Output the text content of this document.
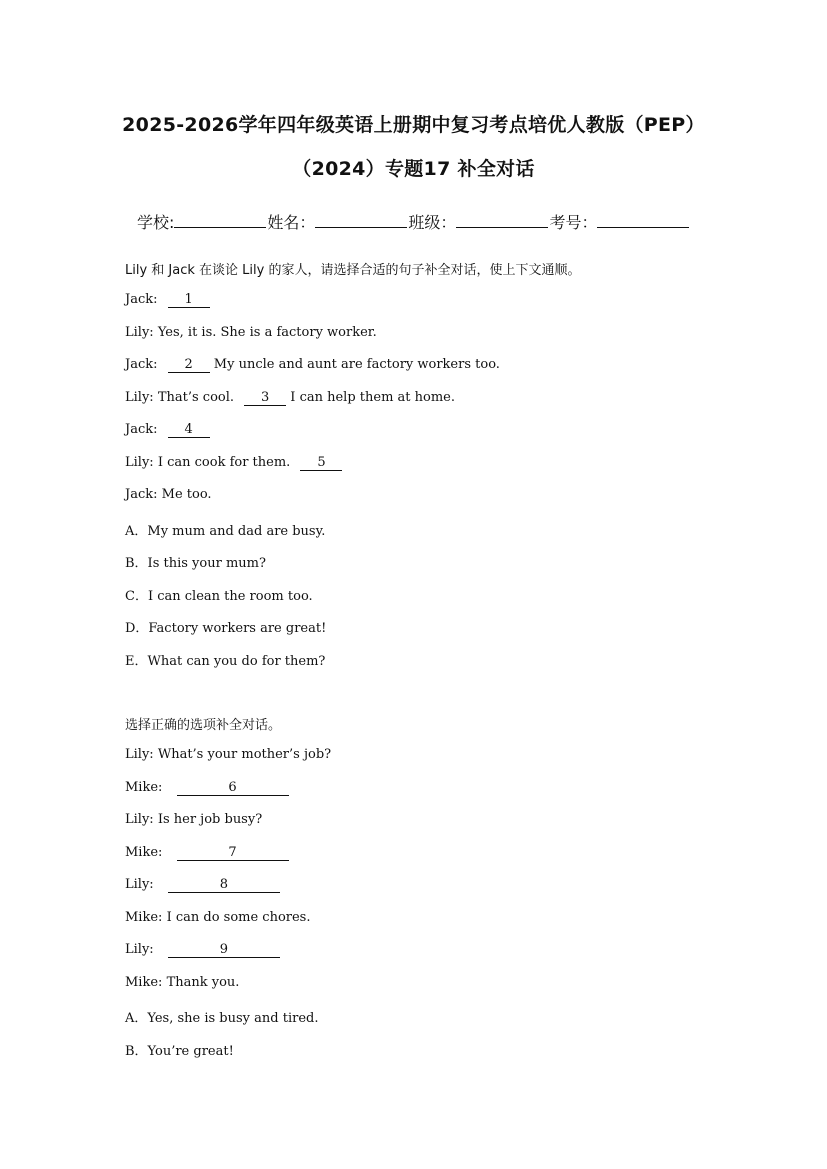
2025-2026学年四年级英语上册期中复习考点培优人教版（PEP）
（2024）专题17 补全对话
学校:	姓名：	班级：	考号：
Lily 和 Jack 在谈论 Lily 的家人，请选择合适的句子补全对话，使上下文通顺。
Jack: 1
Lily: Yes, it is. She is a factory worker.
Jack: 2 My uncle and aunt are factory workers too.
Lily: That’s cool. 3 I can help them at home.
Jack: 4
Lily: I can cook for them. 5
Jack: Me too.
A．My mum and dad are busy.
B．Is this your mum?
C．I can clean the room too.
D．Factory workers are great!
E．What can you do for them?
选择正确的选项补全对话。
Lily: What’s your mother’s job?
Mike:	6
Lily: Is her job busy?
Mike:	7
Lily:	8
Mike: I can do some chores.
Lily:	9
Mike: Thank you.
A．Yes, she is busy and tired.
B．You’re great!
